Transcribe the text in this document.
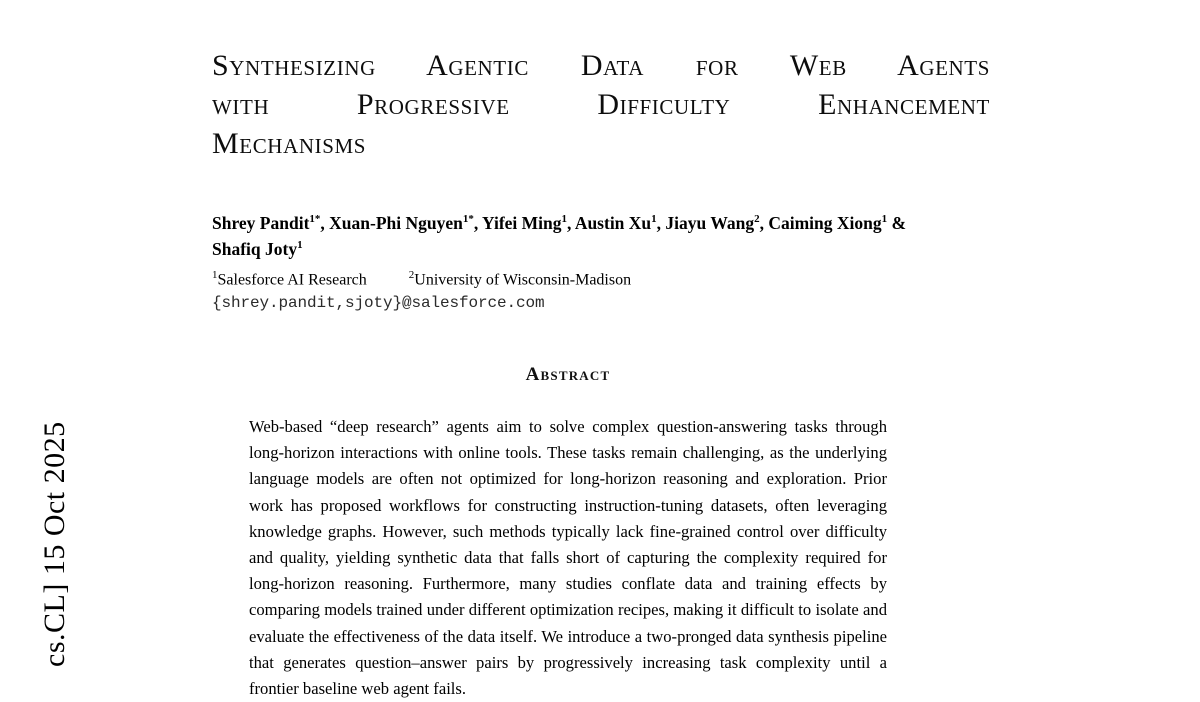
cs.CL] 15 Oct 2025
Synthesizing Agentic Data for Web Agents
with Progressive Difficulty Enhancement
Mechanisms

Shrey Pandit$^{1*}$, Xuan-Phi Nguyen$^{1*}$, Yifei Ming$^1$, Austin Xu$^1$, Jiayu Wang$^2$, Caiming Xiong$^1$ &
Shafiq Joty$^1$

$^1$Salesforce AI Research	$^2$University of Wisconsin-Madison

{shrey.pandit,sjoty}@salesforce.com

Abstract

Web-based “deep research” agents aim to solve complex question-answering tasks through long-horizon interactions with online tools. These tasks remain challenging, as the underlying language models are often not optimized for long-horizon reasoning and exploration. Prior work has proposed workflows for constructing instruction-tuning datasets, often leveraging knowledge graphs. However, such methods typically lack fine-grained control over difficulty and quality, yielding synthetic data that falls short of capturing the complexity required for long-horizon reasoning. Furthermore, many studies conflate data and training effects by comparing models trained under different optimization recipes, making it difficult to isolate and evaluate the effectiveness of the data itself. We introduce a two-pronged data synthesis pipeline that generates question–answer pairs by progressively increasing task complexity until a frontier baseline web agent fails.
